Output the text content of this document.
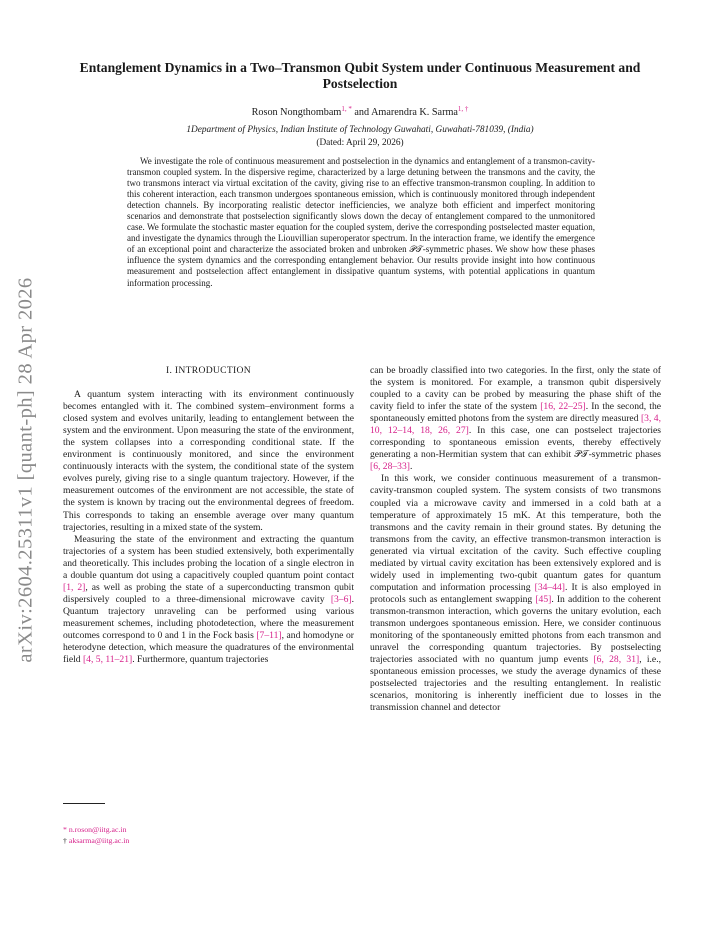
arXiv:2604.25311v1 [quant-ph] 28 Apr 2026
Entanglement Dynamics in a Two–Transmon Qubit System under Continuous Measurement and Postselection
Roson Nongthombam$^{1, *}$ and Amarendra K. Sarma$^{1, \dagger}$
1Department of Physics, Indian Institute of Technology Guwahati, Guwahati-781039, (India)
(Dated: April 29, 2026)

We investigate the role of continuous measurement and postselection in the dynamics and entanglement of a transmon-cavity-transmon coupled system. In the dispersive regime, characterized by a large detuning between the transmons and the cavity, the two transmons interact via virtual excitation of the cavity, giving rise to an effective transmon-transmon coupling. In addition to this coherent interaction, each transmon undergoes spontaneous emission, which is continuously monitored through independent detection channels. By incorporating realistic detector inefficiencies, we analyze both efficient and imperfect monitoring scenarios and demonstrate that postselection significantly slows down the decay of entanglement compared to the unmonitored case. We formulate the stochastic master equation for the coupled system, derive the corresponding postselected master equation, and investigate the dynamics through the Liouvillian superoperator spectrum. In the interaction frame, we identify the emergence of an exceptional point and characterize the associated broken and unbroken 𝒫𝒯-symmetric phases. We show how these phases influence the system dynamics and the corresponding entanglement behavior. Our results provide insight into how continuous measurement and postselection affect entanglement in dissipative quantum systems, with potential applications in quantum information processing.

I. INTRODUCTION

A quantum system interacting with its environment continuously becomes entangled with it. The combined system–environment forms a closed system and evolves unitarily, leading to entanglement between the system and the environment. Upon measuring the state of the environment, the system collapses into a corresponding conditional state. If the environment is continuously monitored, and since the environment continuously interacts with the system, the conditional state of the system evolves purely, giving rise to a single quantum trajectory. However, if the measurement outcomes of the environment are not accessible, the state of the system is known by tracing out the environmental degrees of freedom. This corresponds to taking an ensemble average over many quantum trajectories, resulting in a mixed state of the system.

Measuring the state of the environment and extracting the quantum trajectories of a system has been studied extensively, both experimentally and theoretically. This includes probing the location of a single electron in a double quantum dot using a capacitively coupled quantum point contact [1, 2], as well as probing the state of a superconducting transmon qubit dispersively coupled to a three-dimensional microwave cavity [3–6]. Quantum trajectory unraveling can be performed using various measurement schemes, including photodetection, where the measurement outcomes correspond to 0 and 1 in the Fock basis [7–11], and homodyne or heterodyne detection, which measure the quadratures of the environmental field [4, 5, 11–21]. Furthermore, quantum trajectories

can be broadly classified into two categories. In the first, only the state of the system is monitored. For example, a transmon qubit dispersively coupled to a cavity can be probed by measuring the phase shift of the cavity field to infer the state of the system [16, 22–25]. In the second, the spontaneously emitted photons from the system are directly measured [3, 4, 10, 12–14, 18, 26, 27]. In this case, one can postselect trajectories corresponding to spontaneous emission events, thereby effectively generating a non-Hermitian system that can exhibit 𝒫𝒯-symmetric phases [6, 28–33].

In this work, we consider continuous measurement of a transmon-cavity-transmon coupled system. The system consists of two transmons coupled via a microwave cavity and immersed in a cold bath at a temperature of approximately 15 mK. At this temperature, both the transmons and the cavity remain in their ground states. By detuning the transmons from the cavity, an effective transmon-transmon interaction is generated via virtual excitation of the cavity. Such effective coupling mediated by virtual cavity excitation has been extensively explored and is widely used in implementing two-qubit quantum gates for quantum computation and information processing [34–44]. It is also employed in protocols such as entanglement swapping [45]. In addition to the coherent transmon-transmon interaction, which governs the unitary evolution, each transmon undergoes spontaneous emission. Here, we consider continuous monitoring of the spontaneously emitted photons from each transmon and unravel the corresponding quantum trajectories. By postselecting trajectories associated with no quantum jump events [6, 28, 31], i.e., spontaneous emission processes, we study the average dynamics of these postselected trajectories and the resulting entanglement. In realistic scenarios, monitoring is inherently inefficient due to losses in the transmission channel and detector

* n.roson@iitg.ac.in
† aksarma@iitg.ac.in
